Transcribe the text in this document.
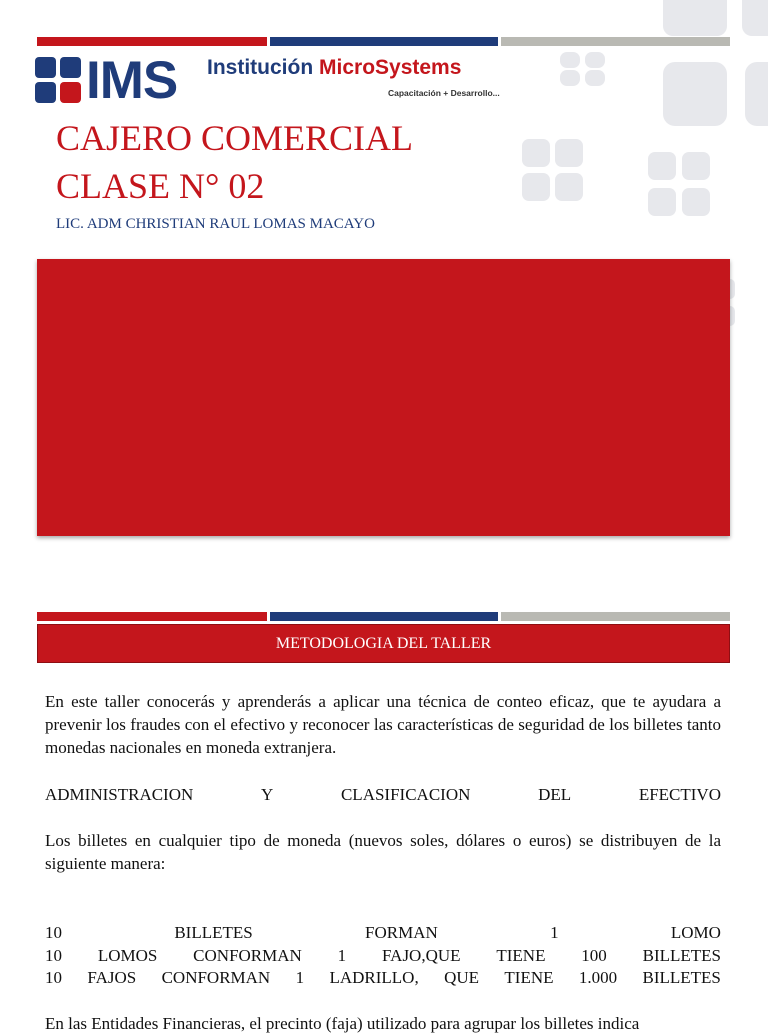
IMS Institución MicroSystems
Capacitación + Desarrollo...
CAJERO COMERCIAL
CLASE N° 02
LIC. ADM CHRISTIAN RAUL LOMAS MACAYO
METODOLOGIA DEL TALLER
En este taller conocerás y aprenderás a aplicar una técnica de conteo eficaz, que te ayudara a prevenir los fraudes con el efectivo y reconocer las características de seguridad de los billetes tanto monedas nacionales en moneda extranjera.
ADMINISTRACION	Y	CLASIFICACION	DEL	EFECTIVO
Los billetes en cualquier tipo de moneda (nuevos soles, dólares o euros) se distribuyen de la siguiente manera:
10	BILLETES	FORMAN	1	LOMO
10 LOMOS CONFORMAN 1 FAJO,QUE TIENE 100 BILLETES
10 FAJOS CONFORMAN 1 LADRILLO, QUE TIENE 1.000 BILLETES
En las Entidades Financieras, el precinto (faja) utilizado para agrupar los billetes indica
